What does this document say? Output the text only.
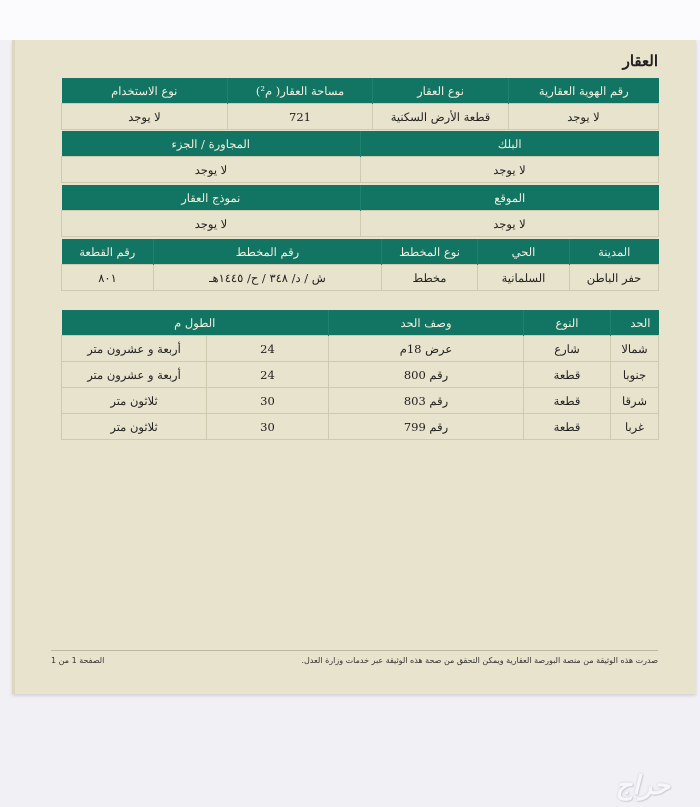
العقار
رقم الهوية العقارية	نوع العقار	مساحة العقار( م²)	نوع الاستخدام
لا يوجد	قطعة الأرض السكنية	721	لا يوجد
البلك	المجاورة / الجزء
لا يوجد	لا يوجد
الموقع	نموذج العقار
لا يوجد	لا يوجد
المدينة	الحي	نوع المخطط	رقم المخطط	رقم القطعة
حفر الباطن	السلمانية	مخطط	ش / د/ ٣٤٨ / ح/ ١٤٤٥هـ	٨٠١
الحد	النوع	وصف الحد	الطول م	
شمالا	شارع	عرض 18م	24	أربعة و عشرون متر
جنوبا	قطعة	رقم 800	24	أربعة و عشرون متر
شرقا	قطعة	رقم 803	30	ثلاثون متر
غربا	قطعة	رقم 799	30	ثلاثون متر
صدرت هذه الوثيقة من منصة البورصة العقارية ويمكن التحقق من صحة هذه الوثيقة عبر خدمات وزارة العدل.
الصفحة 1 من 1
حراج
